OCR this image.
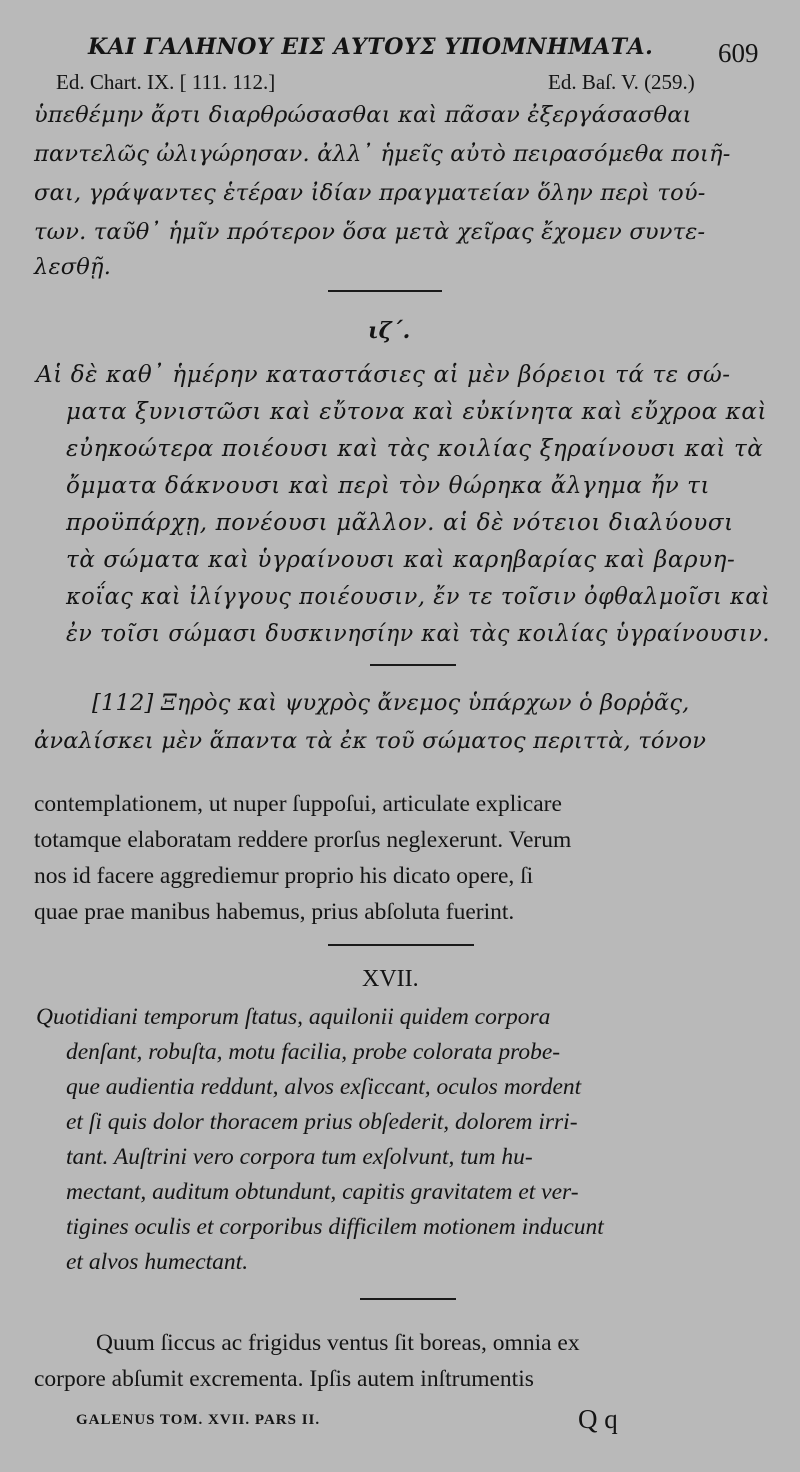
ΚΑΙ ΓΑΛΗΝΟΥ ΕΙΣ ΑΥΤΟΥΣ ΥΠΟΜΝΗΜΑΤΑ. 609
Ed. Chart. IX. [ 111. 112.]	Ed. Baſ. V. (259.)
ὑπεθέμην ἄρτι διαρθρώσασθαι καὶ πᾶσαν ἐξεργάσασθαι
παντελῶς ὠλιγώρησαν. ἀλλ᾽ ἡμεῖς αὐτὸ πειρασόμεθα ποιῆ-
σαι, γράψαντες ἑτέραν ἰδίαν πραγματείαν ὅλην περὶ τού-
των. ταῦθ᾽ ἡμῖν πρότερον ὅσα μετὰ χεῖρας ἔχομεν συντε-
λεσθῇ.
ιζ΄.
Αἱ δὲ καθ᾽ ἡμέρην καταστάσιες αἱ μὲν βόρειοι τά τε σώ-
ματα ξυνιστῶσι καὶ εὔτονα καὶ εὐκίνητα καὶ εὔχροα καὶ
εὐηκοώτερα ποιέουσι καὶ τὰς κοιλίας ξηραίνουσι καὶ τὰ
ὄμματα δάκνουσι καὶ περὶ τὸν θώρηκα ἄλγημα ἤν τι
προϋπάρχῃ, πονέουσι μᾶλλον. αἱ δὲ νότειοι διαλύουσι
τὰ σώματα καὶ ὑγραίνουσι καὶ καρηβαρίας καὶ βαρυη-
κοΐας καὶ ἰλίγγους ποιέουσιν, ἔν τε τοῖσιν ὀφθαλμοῖσι καὶ
ἐν τοῖσι σώμασι δυσκινησίην καὶ τὰς κοιλίας ὑγραίνουσιν.
[112] Ξηρὸς καὶ ψυχρὸς ἄνεμος ὑπάρχων ὁ βορῥᾶς,
ἀναλίσκει μὲν ἅπαντα τὰ ἐκ τοῦ σώματος περιττὰ, τόνον
contemplationem, ut nuper ſuppoſui, articulate explicare
totamque elaboratam reddere prorſus neglexerunt. Verum
nos id facere aggrediemur proprio his dicato opere, ſi
quae prae manibus habemus, prius abſoluta fuerint.
XVII.
Quotidiani temporum ſtatus, aquilonii quidem corpora
denſant, robuſta, motu facilia, probe colorata probe-
que audientia reddunt, alvos exſiccant, oculos mordent
et ſi quis dolor thoracem prius obſederit, dolorem irri-
tant. Auſtrini vero corpora tum exſolvunt, tum hu-
mectant, auditum obtundunt, capitis gravitatem et ver-
tigines oculis et corporibus difficilem motionem inducunt
et alvos humectant.
Quum ſiccus ac frigidus ventus ſit boreas, omnia ex
corpore abſumit excrementa. Ipſis autem inſtrumentis
GALENUS TOM. XVII. PARS II.	Q q
